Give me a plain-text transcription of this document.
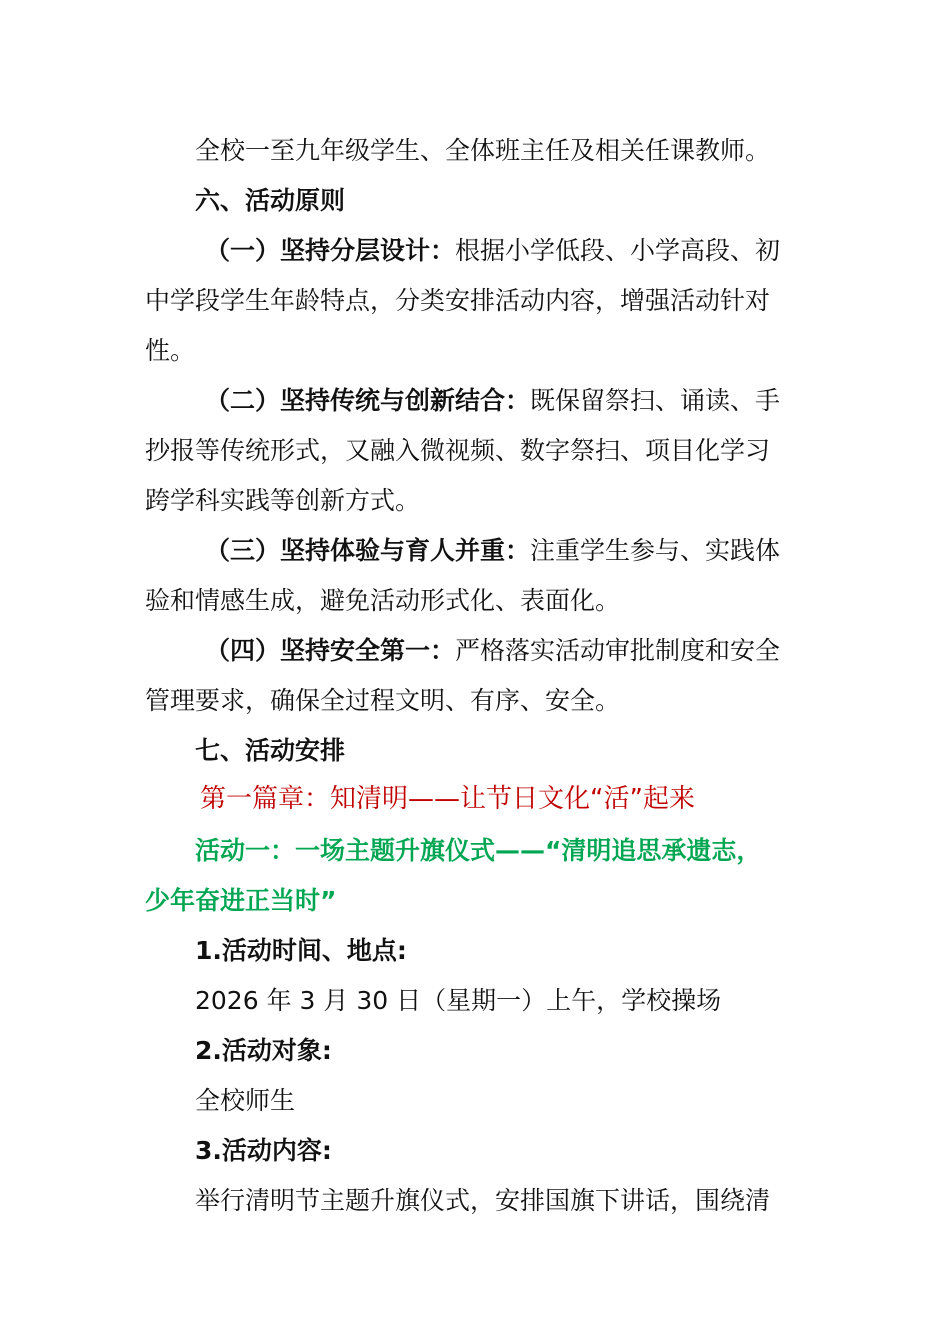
全校一至九年级学生、全体班主任及相关任课教师。
六、活动原则
（一）坚持分层设计：根据小学低段、小学高段、初
中学段学生年龄特点，分类安排活动内容，增强活动针对
性。
（二）坚持传统与创新结合：既保留祭扫、诵读、手
抄报等传统形式，又融入微视频、数字祭扫、项目化学习
跨学科实践等创新方式。
（三）坚持体验与育人并重：注重学生参与、实践体
验和情感生成，避免活动形式化、表面化。
（四）坚持安全第一：严格落实活动审批制度和安全
管理要求，确保全过程文明、有序、安全。
七、活动安排
第一篇章：知清明——让节日文化“活”起来
活动一：一场主题升旗仪式——“清明追思承遗志，
少年奋进正当时”
1.活动时间、地点:
2026 年 3 月 30 日（星期一）上午，学校操场
2.活动对象:
全校师生
3.活动内容:
举行清明节主题升旗仪式，安排国旗下讲话，围绕清
